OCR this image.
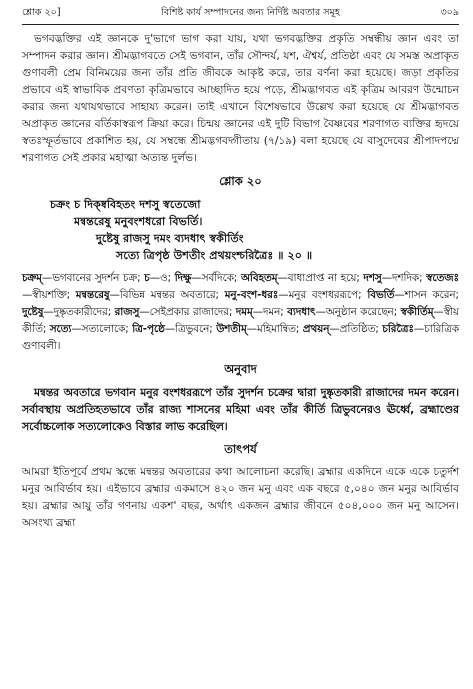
শ্লোক ২০]	বিশিষ্ট কার্য সম্পাদনের জন্য নির্দিষ্ট অবতার সমূহ	৩০৯

ভগবদ্ভক্তির এই জ্ঞানকে দু'ভাগে ভাগ করা যায়, যথা ভগবদ্ভক্তির প্রকৃতি সম্বন্ধীয় জ্ঞান এবং তা সম্পাদন করার জ্ঞান। শ্রীমদ্ভাগবতে সেই ভগবান, তাঁর সৌন্দর্য, যশ, ঐশ্বর্য, প্রতিষ্ঠা এবং যে সমস্ত অপ্রাকৃত গুণাবলী প্রেম বিনিময়ের জন্য তাঁর প্রতি জীবকে আকৃষ্ট করে, তার বর্ণনা করা হয়েছে। জড়া প্রকৃতির প্রভাবে এই স্বাভাবিক প্রবণতা কৃত্রিমভাবে আচ্ছাদিত হয়ে পড়ে, শ্রীমদ্ভাগবত এই কৃত্রিম আবরণ উন্মোচন করার জন্য যথাযথভাবে সাহায্য করেন। তাই এখানে বিশেষভাবে উল্লেখ করা হয়েছে যে শ্রীমদ্ভাগবত অপ্রাকৃত জ্ঞানের বর্তিকাস্বরূপ ক্রিয়া করে। চিন্ময় জ্ঞানের এই দুটি বিভাগ বৈষ্ণবের শরণাগত ব্যক্তির হৃদয়ে স্বতঃস্ফূর্তভাবে প্রকাশিত হয়, যে সম্বন্ধে শ্রীমদ্ভগবদ্গীতায় (৭/১৯) বলা হয়েছে যে বাসুদেবের শ্রীপাদপদ্মে শরণাগত সেই প্রকার মহাত্মা অত্যন্ত দুর্লভ।

শ্লোক ২০
চক্রং চ দিক্ষ্ববিহতং দশসু স্বতেজো
মন্বন্তরেষু মনুবংশধরো বিভর্তি।
দুষ্টেষু রাজসু দমং ব্যদধাৎ স্বকীর্তিং
সত্যে ত্রিপৃষ্ঠ উশতীং প্রথয়ংশ্চরিত্রৈঃ ॥ ২০ ॥

চক্রম্—ভগবানের সুদর্শন চক্র; চ—ও; দিক্ষু—সর্বদিকে; অবিহতম্—বাধাপ্রাপ্ত না হয়ে; দশসু—দশদিক; স্বতেজঃ—স্বীয়শক্তি; মন্বন্তরেষু—বিভিন্ন মন্বন্তর অবতারে; মনু-বংশ-ধরঃ—মনুর বংশধররূপে; বিভর্তি—শাসন করেন; দুষ্টেষু—দুষ্কৃতকারীদের; রাজসু—সেইপ্রকার রাজাদের; দমম্—দমন; ব্যদধাৎ—অনুষ্ঠান করেছেন; স্বকীর্তিম্—স্বীয় কীর্তি; সত্যে—সত্যলোকে; ত্রি-পৃষ্ঠে—ত্রিভুবনে; উশতীম্—মহিমান্বিত; প্রথয়ন্—প্রতিষ্ঠিত; চরিত্রৈঃ—চারিত্রিক গুণাবলী।

অনুবাদ

মন্বন্তর অবতারে ভগবান মনুর বংশধররূপে তাঁর সুদর্শন চক্রের দ্বারা দুষ্কৃতকারী রাজাদের দমন করেন। সর্বাবস্থায় অপ্রতিহতভাবে তাঁর রাজ্য শাসনের মহিমা এবং তাঁর কীর্তি ত্রিভুবনেরও ঊর্ধ্বে, ব্রহ্মাণ্ডের সর্বোচ্চলোক সত্যলোকেও বিস্তার লাভ করেছিল।

তাৎপর্য

আমরা ইতিপূর্বে প্রথম স্কন্ধে মন্বন্তর অবতারের কথা আলোচনা করেছি। ব্রহ্মার একদিনে একে একে চতুর্দশ মনুর আবির্ভাব হয়। এইভাবে ব্রহ্মার একমাসে ৪২০ জন মনু এবং এক বছরে ৫,০৪০ জন মনুর আবির্ভাব হয়। ব্রহ্মার আয়ু তাঁর গণনায় একশ' বছর, অর্থাৎ একজন ব্রহ্মার জীবনে ৫০৪,০০০ জন মনু আসেন। অসংখ্য ব্রহ্মা
